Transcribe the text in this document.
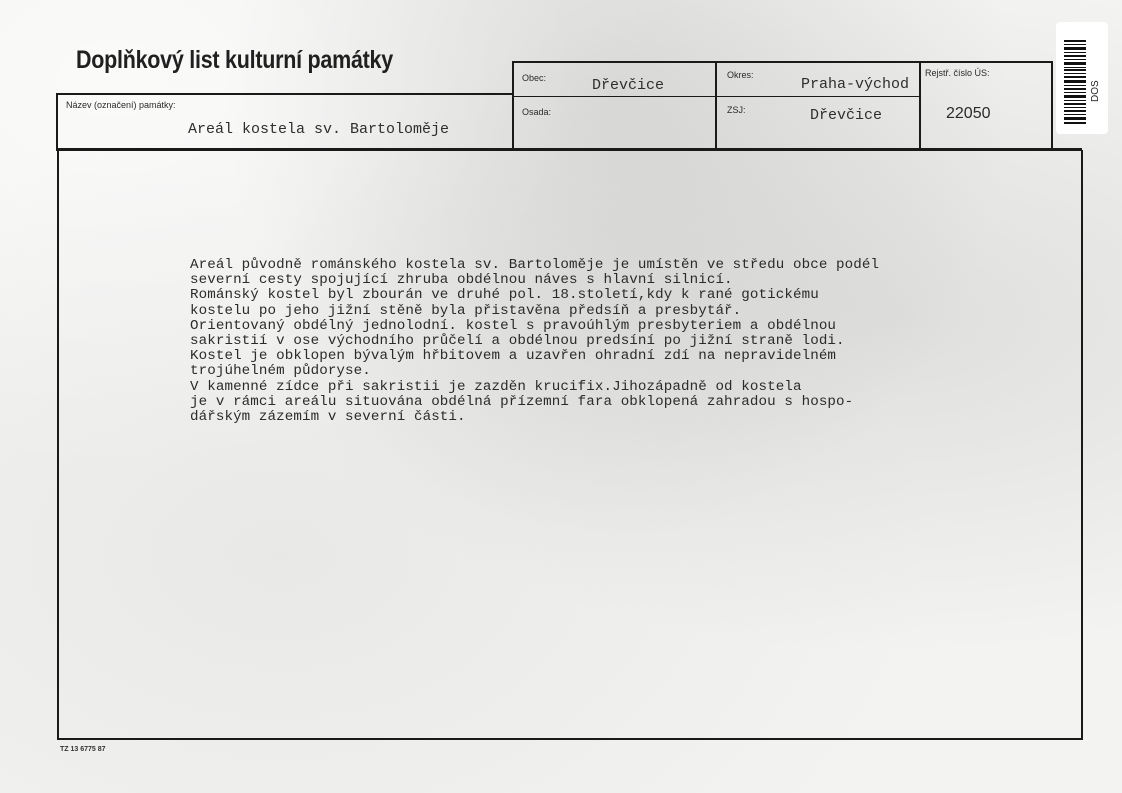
Doplňkový list kulturní památky
Obec:	Dřevčice
Okres:
Praha-východ
Rejstř. číslo ÚS:
22050
Název (označení) památky:
Areál kostela sv. Bartoloměje
Osada:	ZSJ:	Dřevčice
Areál původně románského kostela sv. Bartoloměje je umístěn ve středu obce podél
severní cesty spojující zhruba obdélnou náves s hlavní silnicí.
Románský kostel byl zbourán ve druhé pol. 18.století,kdy k rané gotickému
kostelu po jeho jižní stěně byla přistavěna předsíň a presbytář.
Orientovaný obdélný jednolodní. kostel s pravoúhlým presbyteriem a obdélnou
sakristií v ose východního průčelí a obdélnou predsíní po jižní straně lodi.
Kostel je obklopen bývalým hřbitovem a uzavřen ohradní zdí na nepravidelném
trojúhelném půdoryse.
V kamenné zídce při sakristii je zazděn krucifix.Jihozápadně od kostela
je v rámci areálu situována obdélná přízemní fara obklopená zahradou s hospo-
dářským zázemím v severní části.
TZ 13 6775 87
DOS
